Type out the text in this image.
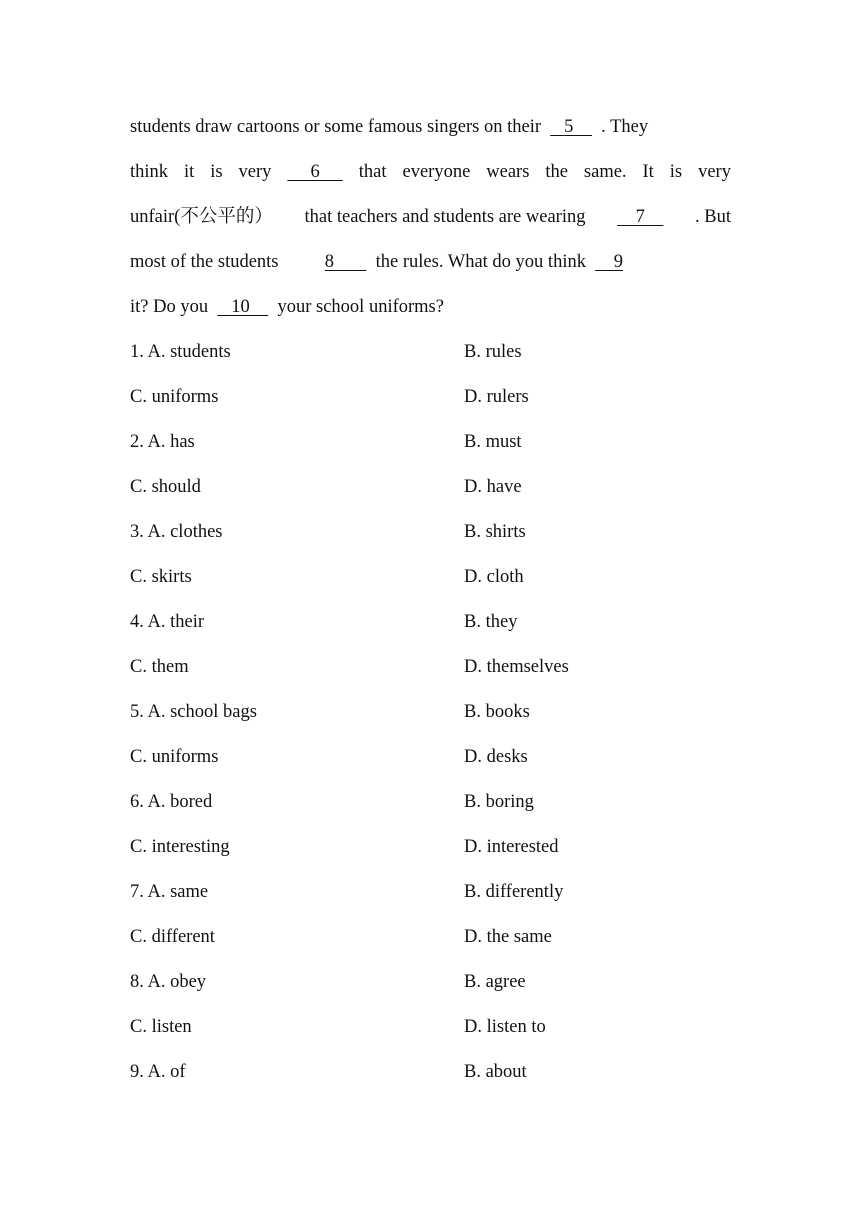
students draw cartoons or some famous singers on their 5 . They
think it is very	6	that everyone wears the same. It is very
unfair(不公平的） that teachers and students are wearing	7	. But
most of the students	8 the rules. What do you think 9
it? Do you 10 your school uniforms?
1. A. students	B. rules
C. uniforms	D. rulers
2. A. has	B. must
C. should	D. have
3. A. clothes	B. shirts
C. skirts	D. cloth
4. A. their	B. they
C. them	D. themselves
5. A. school bags	B. books
C. uniforms	D. desks
6. A. bored	B. boring
C. interesting	D. interested
7. A. same	B. differently
C. different	D. the same
8. A. obey	B. agree
C. listen	D. listen to
9. A. of	B. about
